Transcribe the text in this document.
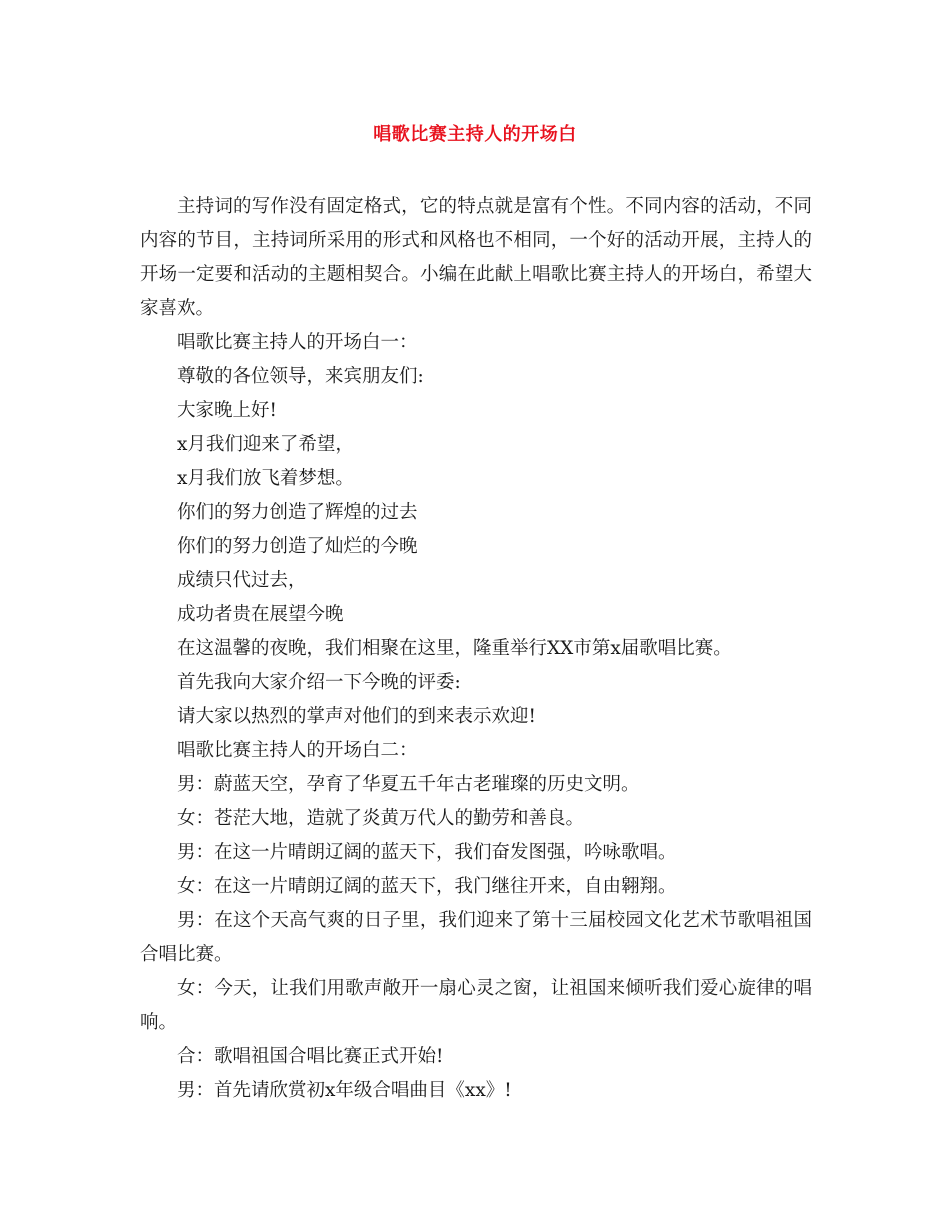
唱歌比赛主持人的开场白

主持词的写作没有固定格式，它的特点就是富有个性。不同内容的活动，不同内容的节目，主持词所采用的形式和风格也不相同，一个好的活动开展，主持人的开场一定要和活动的主题相契合。小编在此献上唱歌比赛主持人的开场白，希望大家喜欢。

唱歌比赛主持人的开场白一：

尊敬的各位领导，来宾朋友们:

大家晚上好!

x月我们迎来了希望，

x月我们放飞着梦想。

你们的努力创造了辉煌的过去

你们的努力创造了灿烂的今晚

成绩只代过去，

成功者贵在展望今晚

在这温馨的夜晚，我们相聚在这里，隆重举行XX市第x届歌唱比赛。

首先我向大家介绍一下今晚的评委:

请大家以热烈的掌声对他们的到来表示欢迎!

唱歌比赛主持人的开场白二：

男：蔚蓝天空，孕育了华夏五千年古老璀璨的历史文明。

女：苍茫大地，造就了炎黄万代人的勤劳和善良。

男：在这一片晴朗辽阔的蓝天下，我们奋发图强，吟咏歌唱。

女：在这一片晴朗辽阔的蓝天下，我门继往开来，自由翱翔。

男：在这个天高气爽的日子里，我们迎来了第十三届校园文化艺术节歌唱祖国合唱比赛。

女：今天，让我们用歌声敞开一扇心灵之窗，让祖国来倾听我们爱心旋律的唱响。

合：歌唱祖国合唱比赛正式开始!

男：首先请欣赏初x年级合唱曲目《xx》!
